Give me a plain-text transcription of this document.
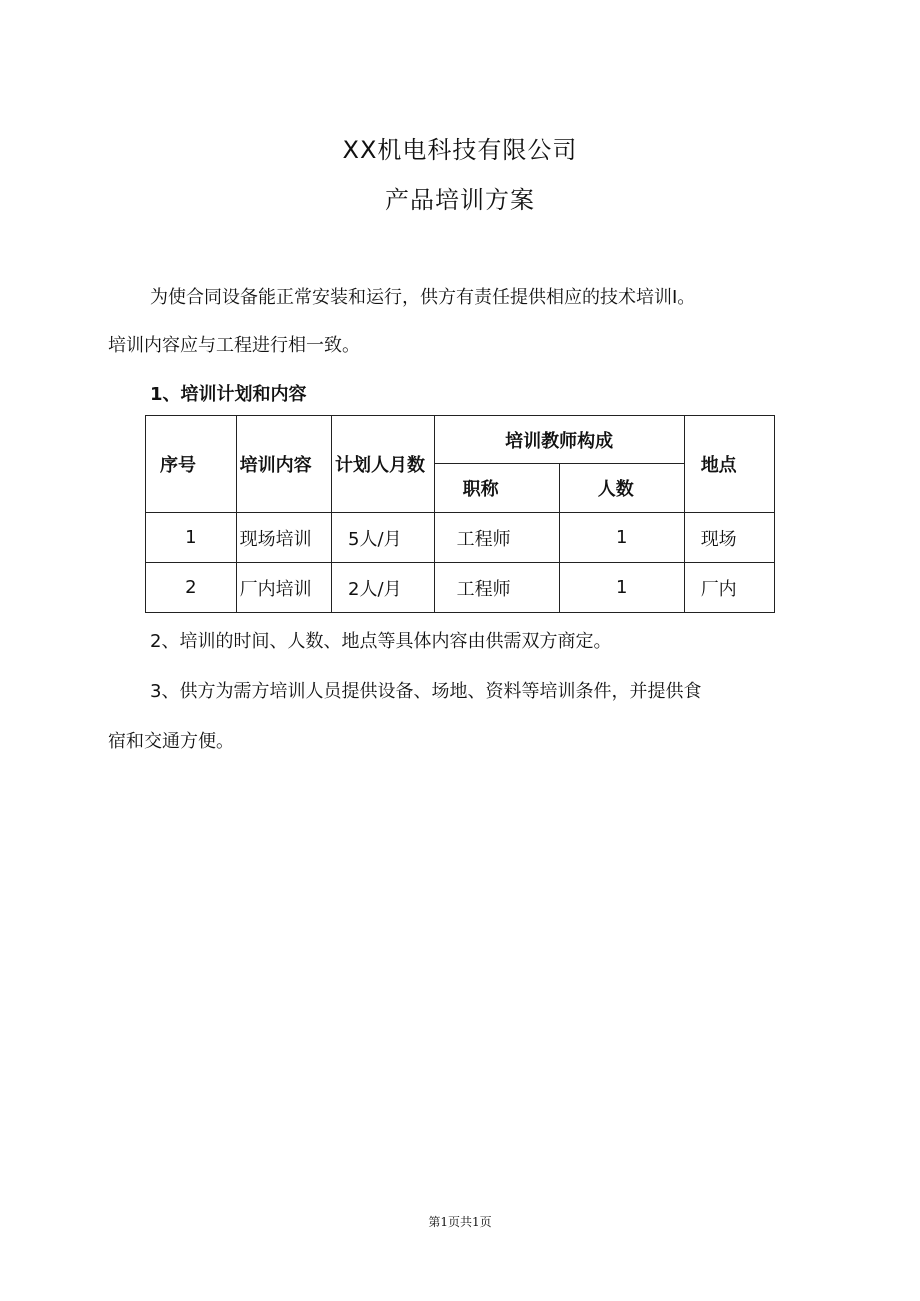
XX机电科技有限公司
产品培训方案
为使合同设备能正常安装和运行，供方有责任提供相应的技术培训I。
培训内容应与工程进行相一致。
1、培训计划和内容
序号	培训内容	计划人月数	培训教师构成		地点
			职称	人数	
1	现场培训	5人/月	工程师	1	现场
2	厂内培训	2人/月	工程师	1	厂内
2、培训的时间、人数、地点等具体内容由供需双方商定。
3、供方为需方培训人员提供设备、场地、资料等培训条件，并提供食
宿和交通方便。
第1页共1页
